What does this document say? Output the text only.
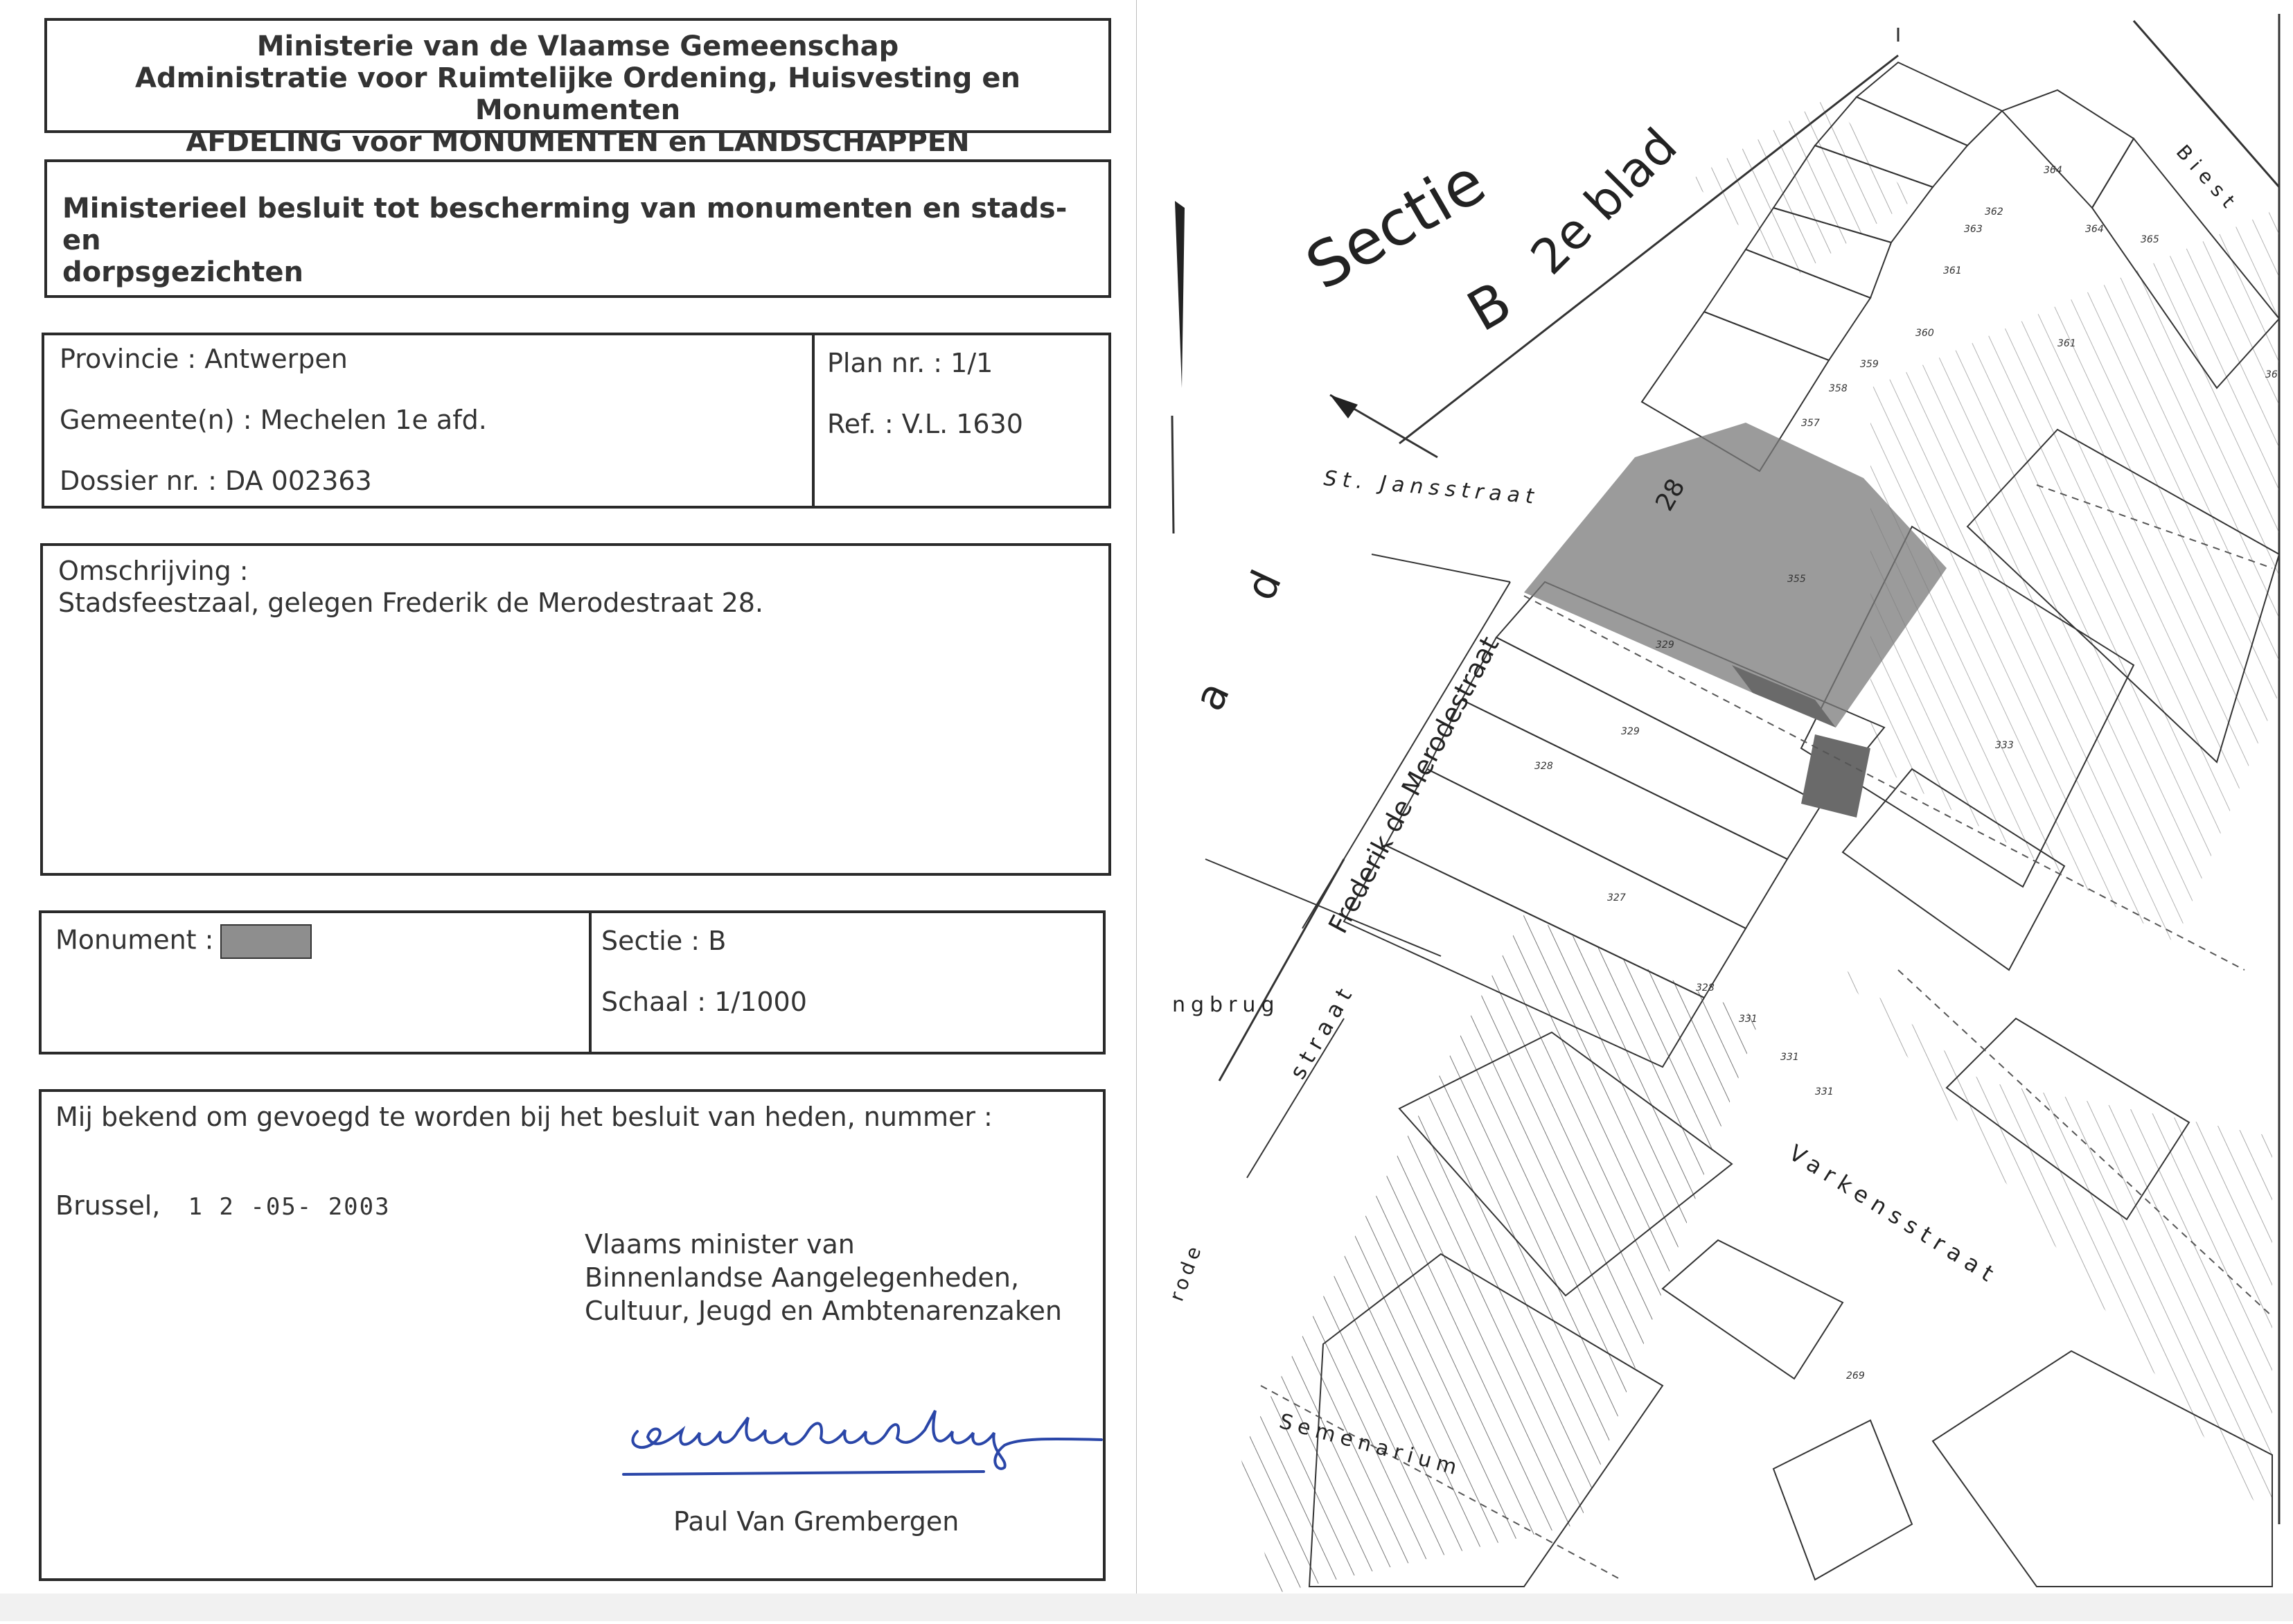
Ministerie van de Vlaamse Gemeenschap
Administratie voor Ruimtelijke Ordening, Huisvesting en Monumenten
AFDELING voor MONUMENTEN en LANDSCHAPPEN
Ministerieel besluit tot bescherming van monumenten en stads- en
dorpsgezichten
Provincie : Antwerpen
Gemeente(n) : Mechelen 1e afd.
Dossier nr. : DA 002363
Plan nr. : 1/1
Ref. : V.L. 1630
Omschrijving :
Stadsfeestzaal, gelegen Frederik de Merodestraat 28.
Monument :	Sectie : B
Schaal : 1/1000
Mij bekend om gevoegd te worden bij het besluit van heden, nummer :
Brussel, 1 2 -05- 2003
Vlaams minister van
Binnenlandse Aangelegenheden,
Cultuur, Jeugd en Ambtenarenzaken
Paul Van Grembergen
Sectie
B
2e blad
St. Jansstraat
Frederik de Merodestraat
Varkensstraat
Biest
Semenarium
ngbrug
rode
a d
straat
28
364
362
363	364
365
361
360
361
359
358
357
355
329
329
328
327
328
331
331
331
333
269
36
